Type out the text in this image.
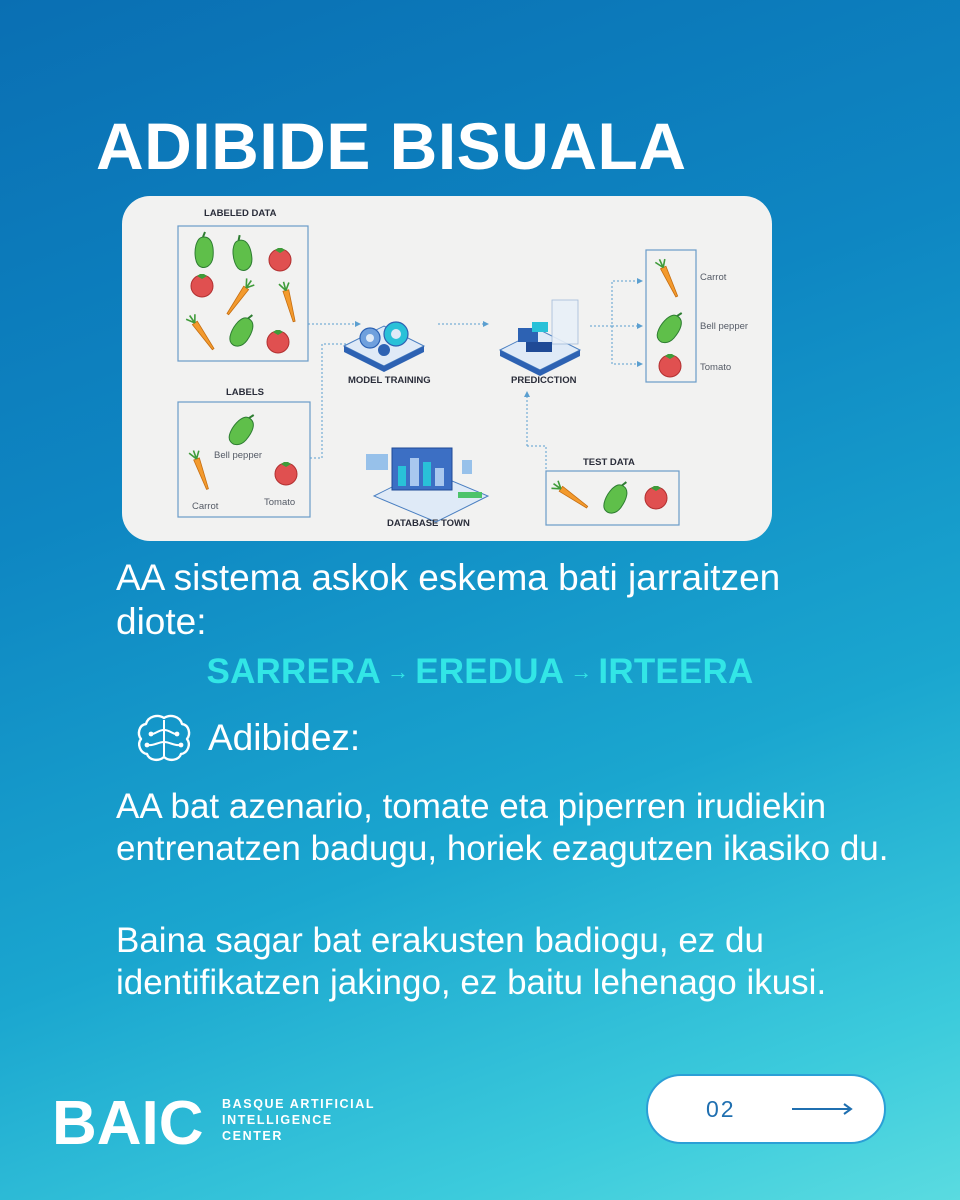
ADIBIDE BISUALA
LABELED DATA
LABELS
Bell pepper
Carrot	Tomato
MODEL TRAINING	PREDICCTION
Carrot
Bell pepper
Tomato
DATABASE TOWN
TEST DATA

AA sistema askok eskema bati jarraitzen diote:

SARRERA → EREDUA → IRTEERA

Adibidez:

AA bat azenario, tomate eta piperren irudiekin entrenatzen badugu, horiek ezagutzen ikasiko du.

Baina sagar bat erakusten badiogu, ez du identifikatzen jakingo, ez baitu lehenago ikusi.

BAIC BASQUE ARTIFICIAL
INTELLIGENCE
CENTER
02
